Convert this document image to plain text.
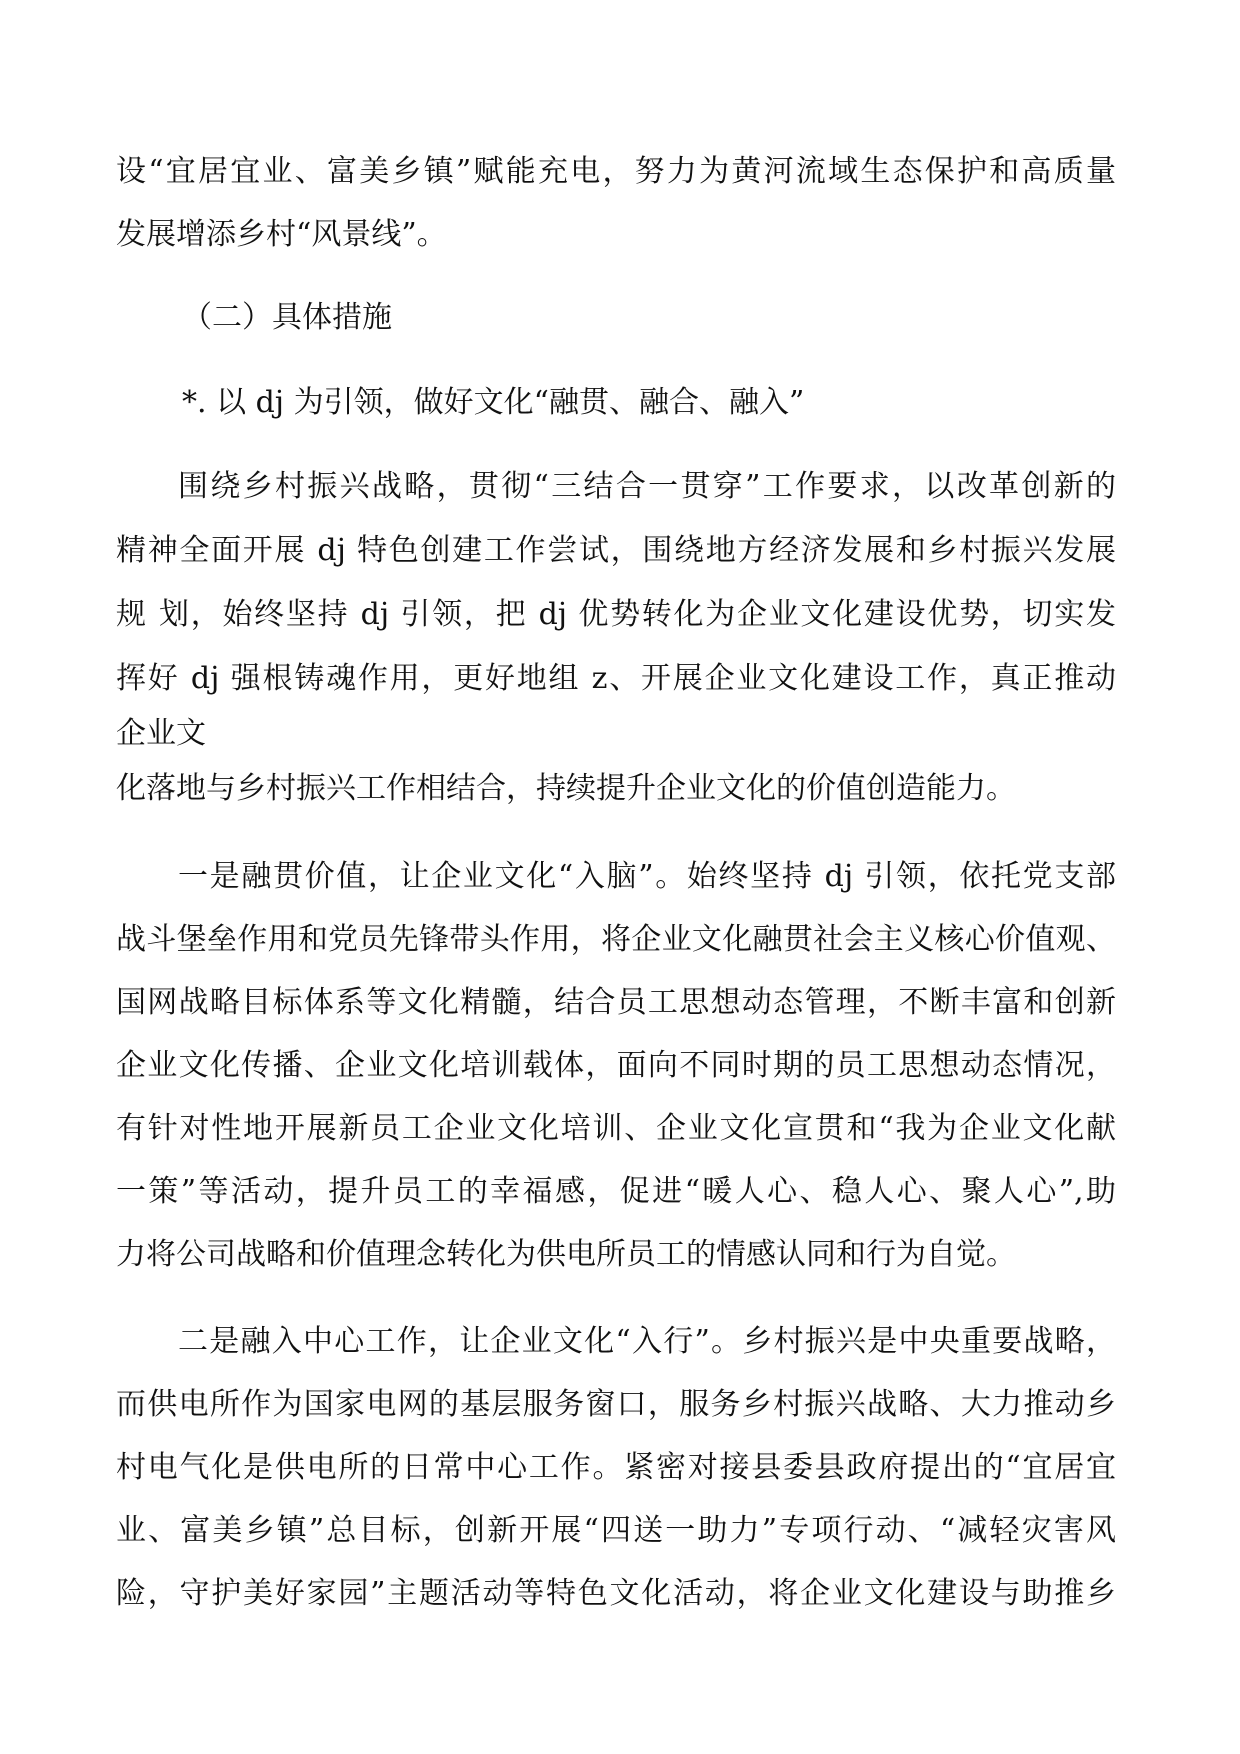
设“宜居宜业、富美乡镇”赋能充电，努力为黄河流域生态保护和高质量
发展增添乡村“风景线”。
（二）具体措施
*. 以 dj 为引领，做好文化“融贯、融合、融入”
围绕乡村振兴战略，贯彻“三结合一贯穿”工作要求，以改革创新的
精神全面开展 dj 特色创建工作尝试，围绕地方经济发展和乡村振兴发展
规 划，始终坚持 dj 引领，把 dj 优势转化为企业文化建设优势，切实发
挥好 dj 强根铸魂作用，更好地组 z、开展企业文化建设工作，真正推动
企业文
化落地与乡村振兴工作相结合，持续提升企业文化的价值创造能力。
一是融贯价值，让企业文化“入脑”。始终坚持 dj 引领，依托党支部
战斗堡垒作用和党员先锋带头作用，将企业文化融贯社会主义核心价值观、
国网战略目标体系等文化精髓，结合员工思想动态管理，不断丰富和创新
企业文化传播、企业文化培训载体，面向不同时期的员工思想动态情况，
有针对性地开展新员工企业文化培训、企业文化宣贯和“我为企业文化献
一策”等活动，提升员工的幸福感，促进“暖人心、稳人心、聚人心”,助
力将公司战略和价值理念转化为供电所员工的情感认同和行为自觉。
二是融入中心工作，让企业文化“入行”。乡村振兴是中央重要战略，
而供电所作为国家电网的基层服务窗口，服务乡村振兴战略、大力推动乡
村电气化是供电所的日常中心工作。紧密对接县委县政府提出的“宜居宜
业、富美乡镇”总目标，创新开展“四送一助力”专项行动、“减轻灾害风
险，守护美好家园”主题活动等特色文化活动，将企业文化建设与助推乡
